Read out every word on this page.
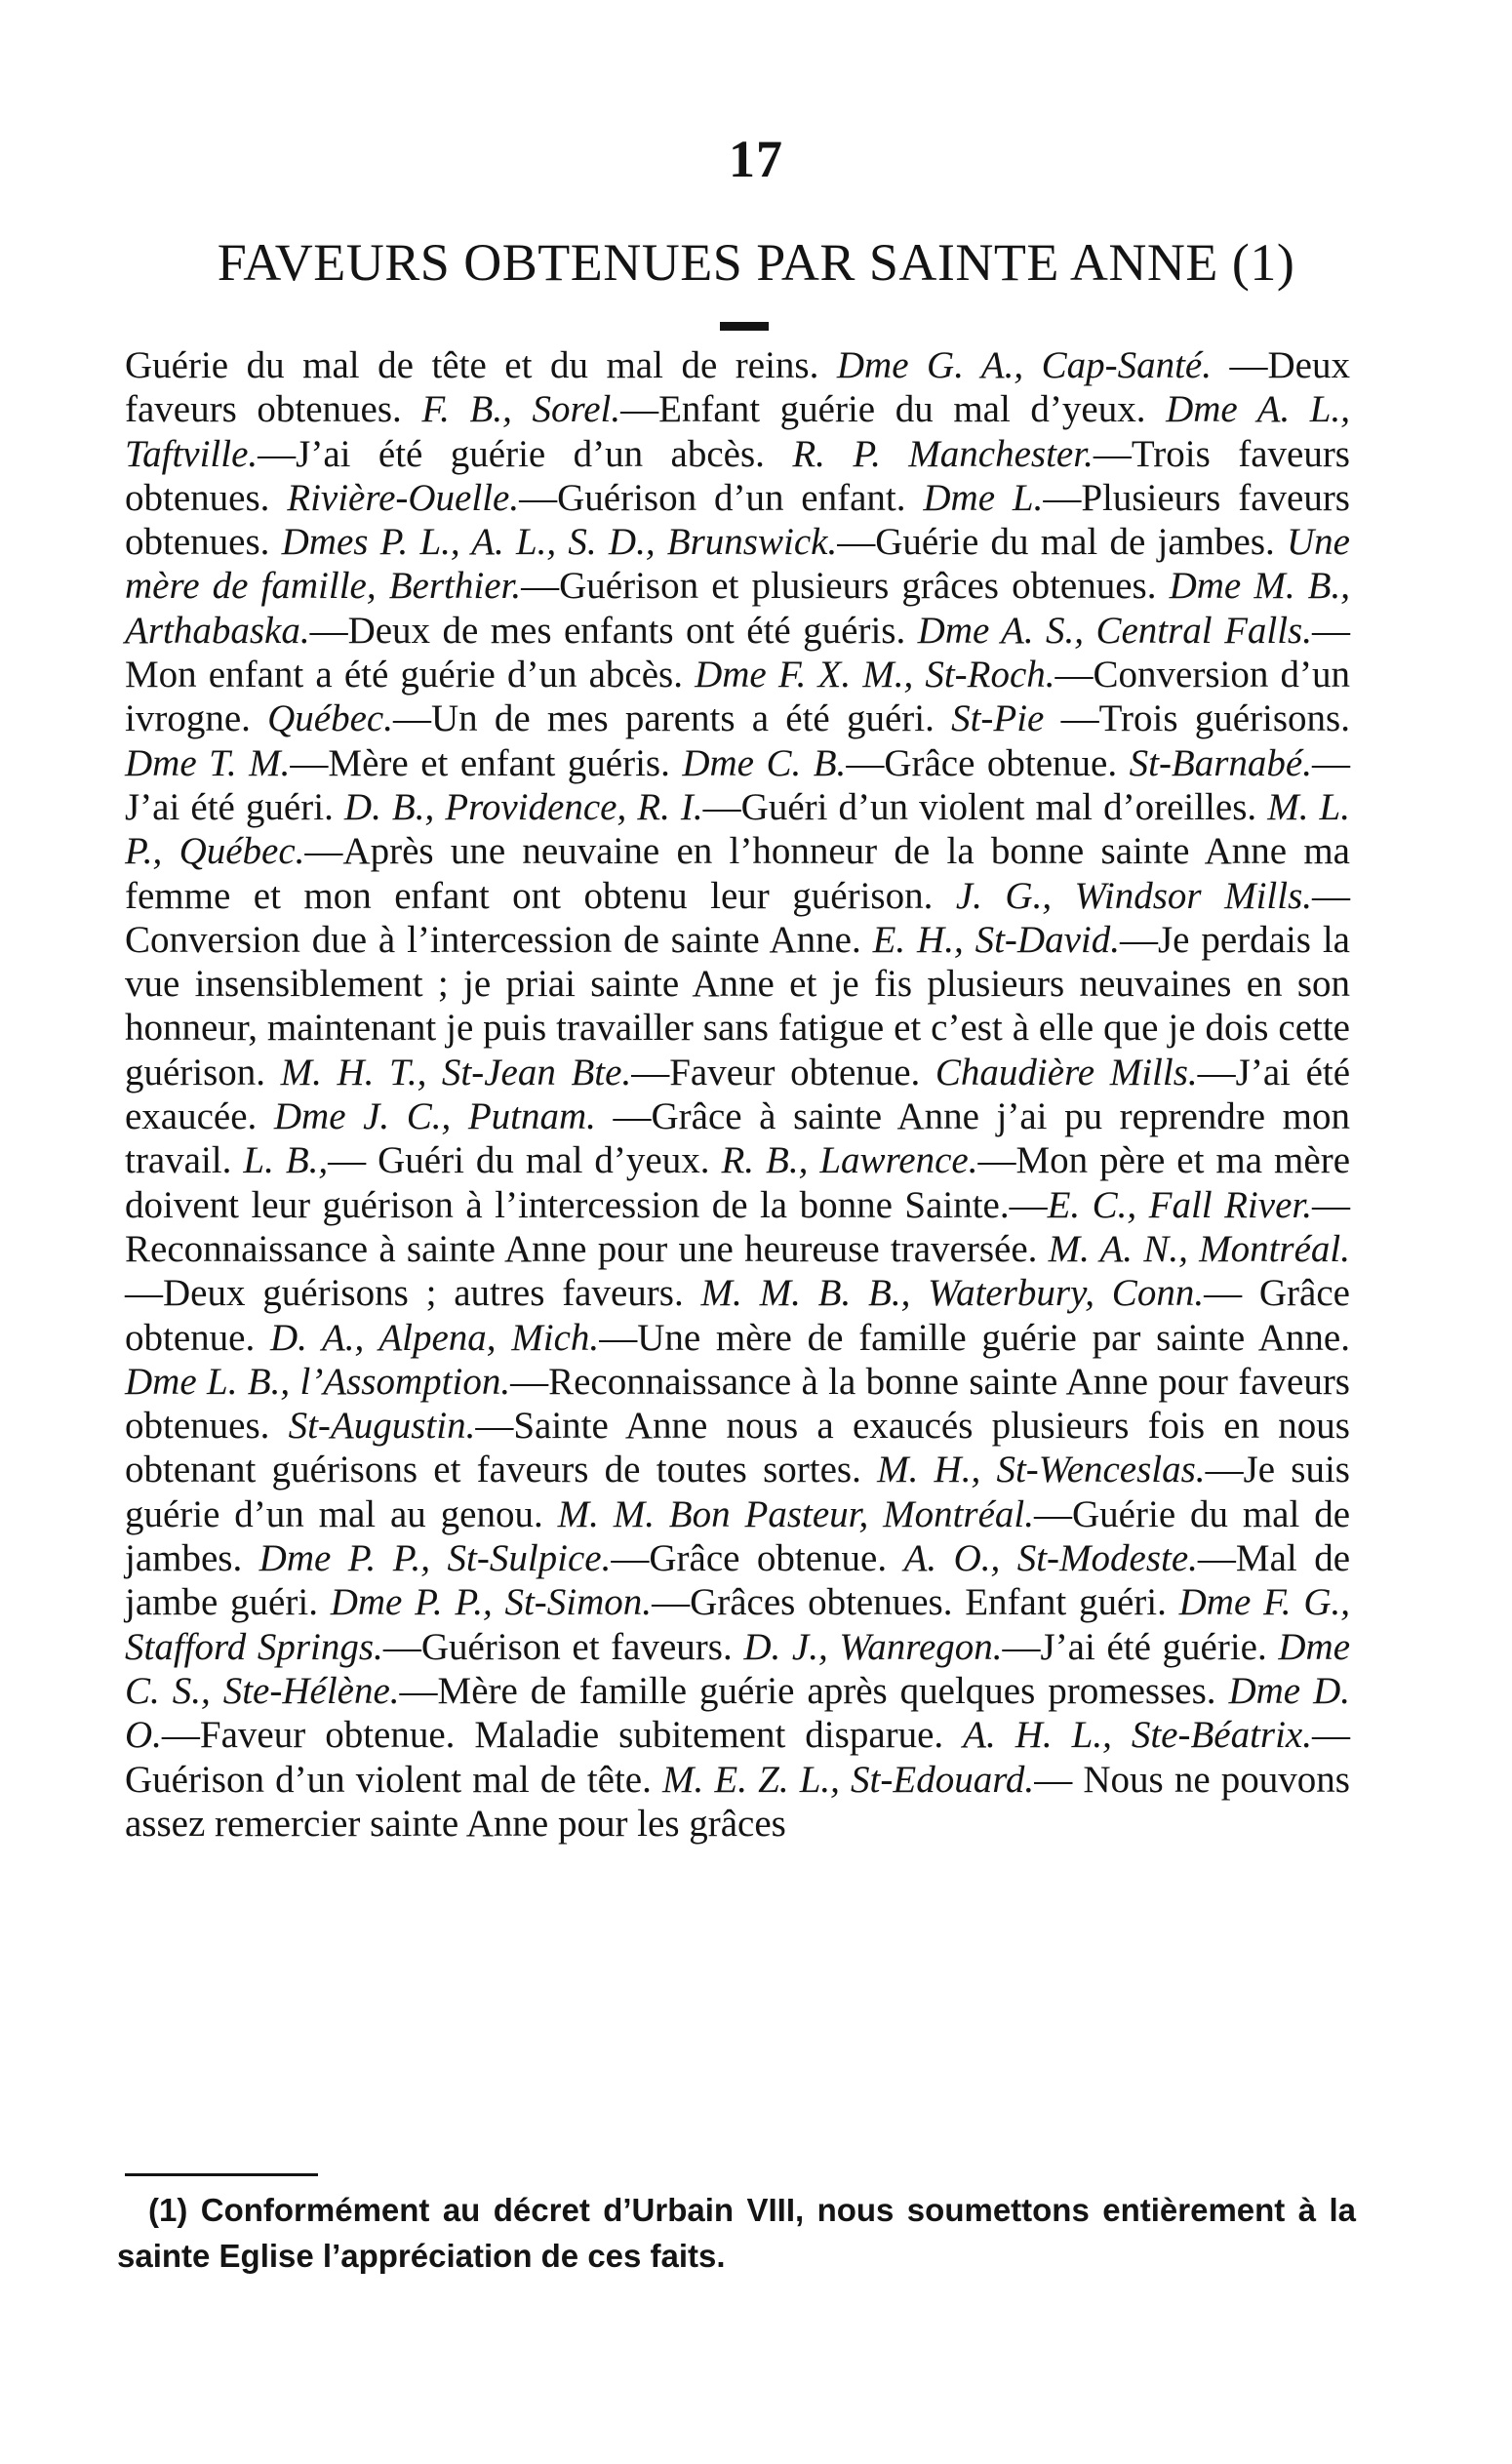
17
FAVEURS OBTENUES PAR SAINTE ANNE (1)

Guérie du mal de tête et du mal de reins. Dme G. A., Cap-Santé. —Deux faveurs obtenues. F. B., Sorel.—Enfant guérie du mal d’yeux. Dme A. L., Taftville.—J’ai été guérie d’un abcès. R. P. Manchester.—Trois faveurs obtenues. Rivière-Ouelle.—Guérison d’un enfant. Dme L.—Plusieurs faveurs obtenues. Dmes P. L., A. L., S. D., Brunswick.—Guérie du mal de jambes. Une mère de famille, Berthier.—Guérison et plusieurs grâces obtenues. Dme M. B., Arthabaska.—Deux de mes enfants ont été guéris. Dme A. S., Central Falls.—Mon enfant a été guérie d’un abcès. Dme F. X. M., St-Roch.—Conversion d’un ivrogne. Québec.—Un de mes parents a été guéri. St-Pie —Trois guérisons. Dme T. M.—Mère et enfant guéris. Dme C. B.—Grâce obtenue. St-Barnabé.—J’ai été guéri. D. B., Providence, R. I.—Guéri d’un violent mal d’oreilles. M. L. P., Québec.—Après une neuvaine en l’honneur de la bonne sainte Anne ma femme et mon enfant ont obtenu leur guérison. J. G., Windsor Mills.—Conversion due à l’intercession de sainte Anne. E. H., St-David.—Je perdais la vue insensiblement ; je priai sainte Anne et je fis plusieurs neuvaines en son honneur, maintenant je puis travailler sans fatigue et c’est à elle que je dois cette guérison. M. H. T., St-Jean Bte.—Faveur obtenue. Chaudière Mills.—J’ai été exaucée. Dme J. C., Putnam. —Grâce à sainte Anne j’ai pu reprendre mon travail. L. B.,— Guéri du mal d’yeux. R. B., Lawrence.—Mon père et ma mère doivent leur guérison à l’intercession de la bonne Sainte.—E. C., Fall River.—Reconnaissance à sainte Anne pour une heureuse traversée. M. A. N., Montréal.—Deux guérisons ; autres faveurs. M. M. B. B., Waterbury, Conn.— Grâce obtenue. D. A., Alpena, Mich.—Une mère de famille guérie par sainte Anne. Dme L. B., l’Assomption.—Reconnaissance à la bonne sainte Anne pour faveurs obtenues. St-Augustin.—Sainte Anne nous a exaucés plusieurs fois en nous obtenant guérisons et faveurs de toutes sortes. M. H., St-Wenceslas.—Je suis guérie d’un mal au genou. M. M. Bon Pasteur, Montréal.—Guérie du mal de jambes. Dme P. P., St-Sulpice.—Grâce obtenue. A. O., St-Modeste.—Mal de jambe guéri. Dme P. P., St-Simon.—Grâces obtenues. Enfant guéri. Dme F. G., Stafford Springs.—Guérison et faveurs. D. J., Wanregon.—J’ai été guérie. Dme C. S., Ste-Hélène.—Mère de famille guérie après quelques promesses. Dme D. O.—Faveur obtenue. Maladie subitement disparue. A. H. L., Ste-Béatrix.— Guérison d’un violent mal de tête. M. E. Z. L., St-Edouard.— Nous ne pouvons assez remercier sainte Anne pour les grâces

(1) Conformément au décret d’Urbain VIII, nous soumettons entièrement à la sainte Eglise l’appréciation de ces faits.
